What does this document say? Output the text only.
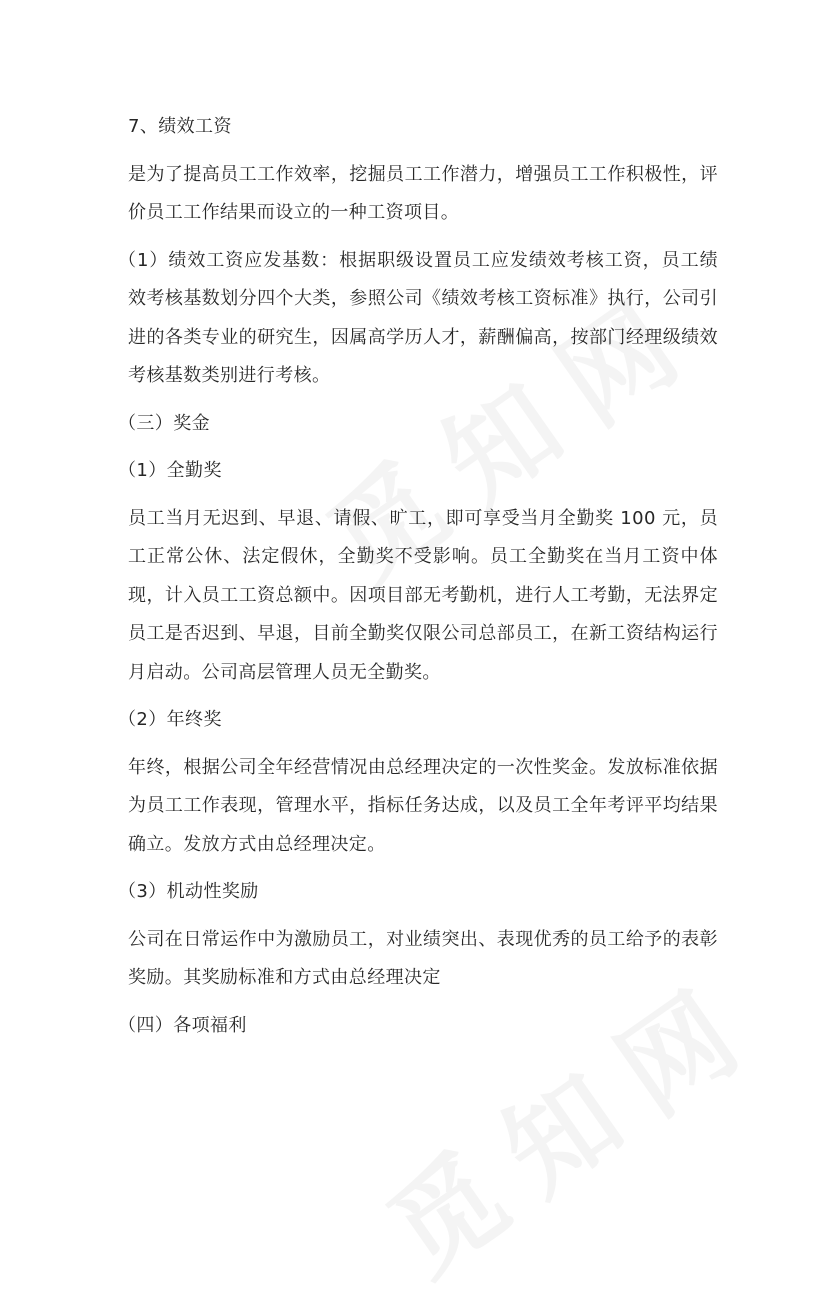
7、绩效工资

是为了提高员工工作效率，挖掘员工工作潜力，增强员工工作积极性，评价员工工作结果而设立的一种工资项目。

（1）绩效工资应发基数：根据职级设置员工应发绩效考核工资，员工绩效考核基数划分四个大类，参照公司《绩效考核工资标准》执行，公司引进的各类专业的研究生，因属高学历人才，薪酬偏高，按部门经理级绩效考核基数类别进行考核。

（三）奖金

（1）全勤奖

员工当月无迟到、早退、请假、旷工，即可享受当月全勤奖 100 元，员工正常公休、法定假休，全勤奖不受影响。员工全勤奖在当月工资中体现，计入员工工资总额中。因项目部无考勤机，进行人工考勤，无法界定员工是否迟到、早退，目前全勤奖仅限公司总部员工，在新工资结构运行月启动。公司高层管理人员无全勤奖。

（2）年终奖

年终，根据公司全年经营情况由总经理决定的一次性奖金。发放标准依据为员工工作表现，管理水平，指标任务达成，以及员工全年考评平均结果确立。发放方式由总经理决定。

（3）机动性奖励

公司在日常运作中为激励员工，对业绩突出、表现优秀的员工给予的表彰奖励。其奖励标准和方式由总经理决定

（四）各项福利
